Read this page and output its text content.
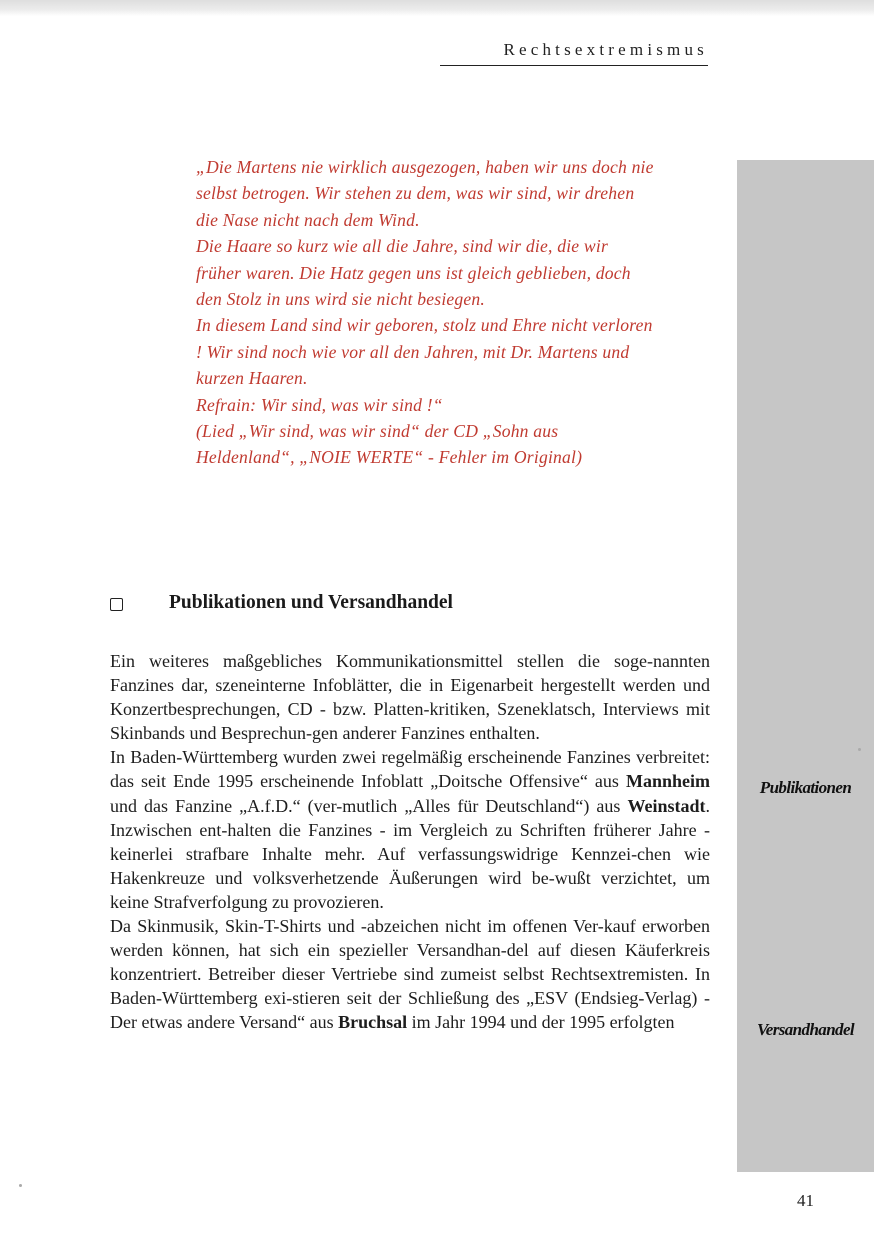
Rechtsextremismus

„Die Martens nie wirklich ausgezogen, haben wir uns doch nie selbst betrogen. Wir stehen zu dem, was wir sind, wir drehen die Nase nicht nach dem Wind.

Die Haare so kurz wie all die Jahre, sind wir die, die wir früher waren. Die Hatz gegen uns ist gleich geblieben, doch den Stolz in uns wird sie nicht besiegen.

In diesem Land sind wir geboren, stolz und Ehre nicht verloren ! Wir sind noch wie vor all den Jahren, mit Dr. Martens und kurzen Haaren.

Refrain: Wir sind, was wir sind !“

(Lied „Wir sind, was wir sind“ der CD „Sohn aus Heldenland“, „NOIE WERTE“ - Fehler im Original)

Publikationen und Versandhandel

Ein weiteres maßgebliches Kommunikationsmittel stellen die soge-nannten Fanzines dar, szeneinterne Infoblätter, die in Eigenarbeit hergestellt werden und Konzertbesprechungen, CD - bzw. Platten-kritiken, Szeneklatsch, Interviews mit Skinbands und Besprechun-gen anderer Fanzines enthalten.

In Baden-Württemberg wurden zwei regelmäßig erscheinende Fanzines verbreitet: das seit Ende 1995 erscheinende Infoblatt „Doitsche Offensive“ aus Mannheim und das Fanzine „A.f.D.“ (ver-mutlich „Alles für Deutschland“) aus Weinstadt. Inzwischen ent-halten die Fanzines - im Vergleich zu Schriften früherer Jahre - keinerlei strafbare Inhalte mehr. Auf verfassungswidrige Kennzei-chen wie Hakenkreuze und volksverhetzende Äußerungen wird be-wußt verzichtet, um keine Strafverfolgung zu provozieren.

Da Skinmusik, Skin-T-Shirts und -abzeichen nicht im offenen Ver-kauf erworben werden können, hat sich ein spezieller Versandhan-del auf diesen Käuferkreis konzentriert. Betreiber dieser Vertriebe sind zumeist selbst Rechtsextremisten. In Baden-Württemberg exi-stieren seit der Schließung des „ESV (Endsieg-Verlag) - Der etwas andere Versand“ aus Bruchsal im Jahr 1994 und der 1995 erfolgten

Publikationen
Versandhandel
41
